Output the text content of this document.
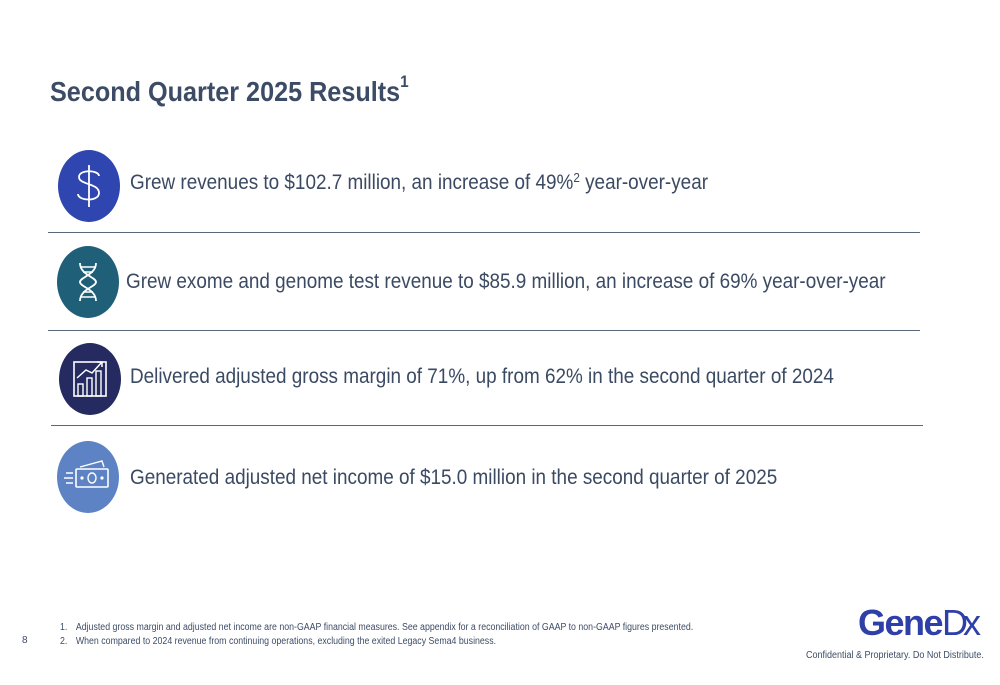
Second Quarter 2025 Results$^1$
Grew revenues to $102.7 million, an increase of 49%$^2$ year-over-year
Grew exome and genome test revenue to $85.9 million, an increase of 69% year-over-year
Delivered adjusted gross margin of 71%, up from 62% in the second quarter of 2024
Generated adjusted net income of $15.0 million in the second quarter of 2025
8
1. Adjusted gross margin and adjusted net income are non-GAAP financial measures. See appendix for a reconciliation of GAAP to non-GAAP figures presented.
2. When compared to 2024 revenue from continuing operations, excluding the exited Legacy Sema4 business.	GeneDx
Confidential & Proprietary. Do Not Distribute.
